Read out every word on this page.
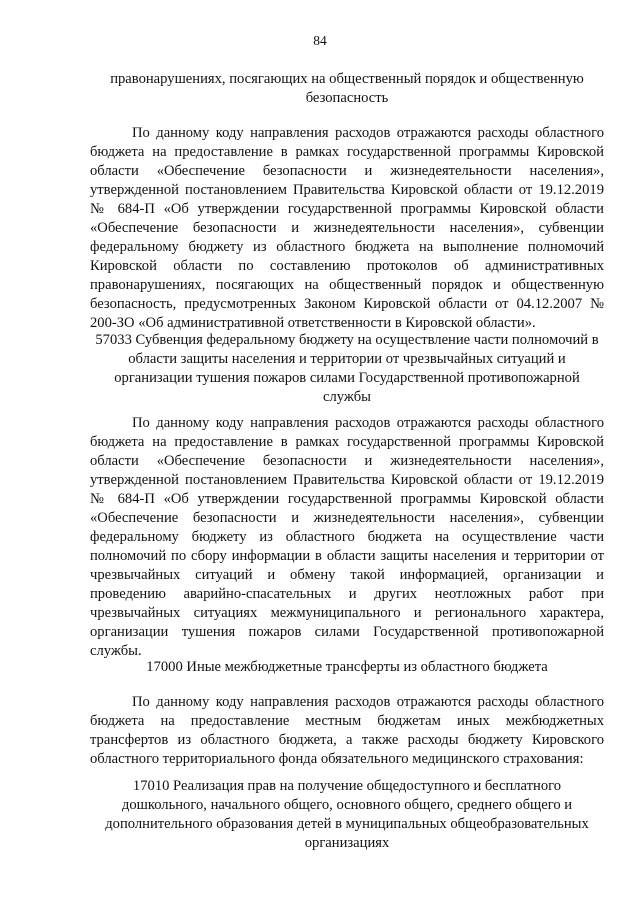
84
правонарушениях, посягающих на общественный порядок и общественную безопасность
По данному коду направления расходов отражаются расходы областного бюджета на предоставление в рамках государственной программы Кировской области «Обеспечение безопасности и жизнедеятельности населения», утвержденной постановлением Правительства Кировской области от 19.12.2019 № 684-П «Об утверждении государственной программы Кировской области «Обеспечение безопасности и жизнедеятельности населения», субвенции федеральному бюджету из областного бюджета на выполнение полномочий Кировской области по составлению протоколов об административных правонарушениях, посягающих на общественный порядок и общественную безопасность, предусмотренных Законом Кировской области от 04.12.2007 № 200-ЗО «Об административной ответственности в Кировской области».
57033 Субвенция федеральному бюджету на осуществление части полномочий в области защиты населения и территории от чрезвычайных ситуаций и организации тушения пожаров силами Государственной противопожарной службы
По данному коду направления расходов отражаются расходы областного бюджета на предоставление в рамках государственной программы Кировской области «Обеспечение безопасности и жизнедеятельности населения», утвержденной постановлением Правительства Кировской области от 19.12.2019 № 684-П «Об утверждении государственной программы Кировской области «Обеспечение безопасности и жизнедеятельности населения», субвенции федеральному бюджету из областного бюджета на осуществление части полномочий по сбору информации в области защиты населения и территории от чрезвычайных ситуаций и обмену такой информацией, организации и проведению аварийно-спасательных и других неотложных работ при чрезвычайных ситуациях межмуниципального и регионального характера, организации тушения пожаров силами Государственной противопожарной службы.
17000 Иные межбюджетные трансферты из областного бюджета
По данному коду направления расходов отражаются расходы областного бюджета на предоставление местным бюджетам иных межбюджетных трансфертов из областного бюджета, а также расходы бюджету Кировского областного территориального фонда обязательного медицинского страхования:
17010 Реализация прав на получение общедоступного и бесплатного дошкольного, начального общего, основного общего, среднего общего и дополнительного образования детей в муниципальных общеобразовательных организациях
